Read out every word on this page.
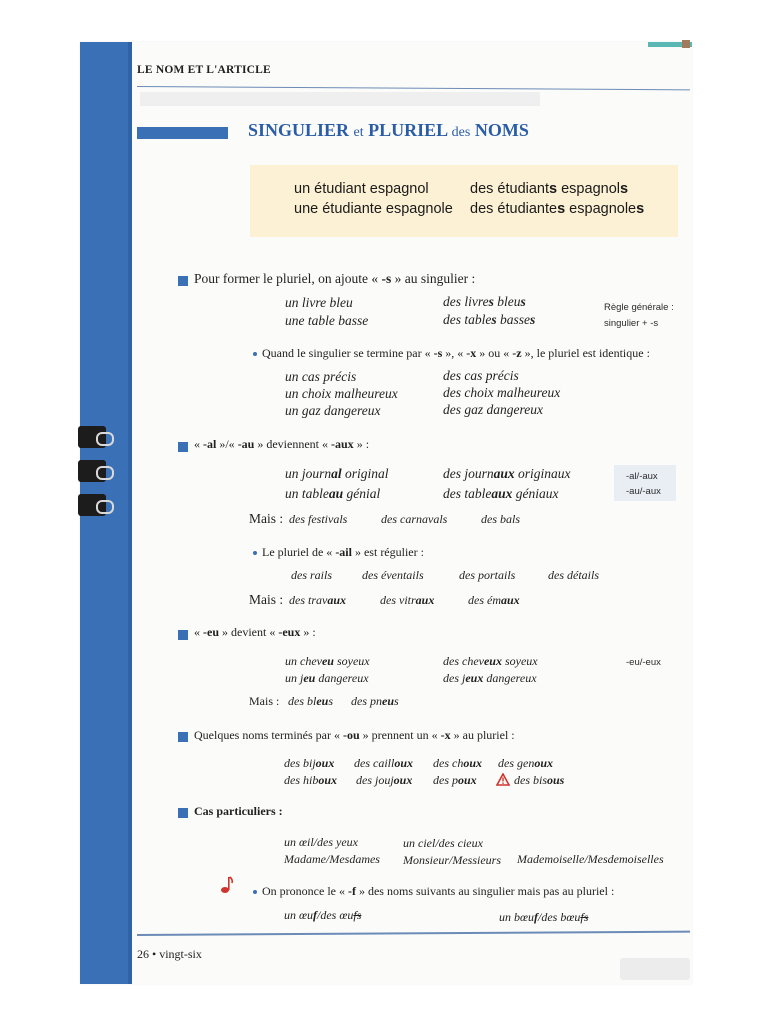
LE NOM ET L'ARTICLE
SINGULIER et PLURIEL des NOMS
un étudiant espagnol	des étudiants espagnols
une étudiante espagnole des étudiantes espagnoles
Pour former le pluriel, on ajoute « -s » au singulier :
un livre bleu	des livres bleus
une table basse	des tables basses
Règle générale :
singulier + -s
Quand le singulier se termine par « -s », « -x » ou « -z », le pluriel est identique :
un cas précis	des cas précis
un choix malheureux	des choix malheureux
un gaz dangereux	des gaz dangereux
« -al »/« -au » deviennent « -aux » :
un journal original	des journaux originaux
un tableau génial	des tableaux géniaux
-al/-aux
-au/-aux
Mais : des festivals	des carnavals	des bals
Le pluriel de « -ail » est régulier :
des rails des éventails	des portails	des détails
Mais : des travaux	des vitraux	des émaux
« -eu » devient « -eux » :
un cheveu soyeux	des cheveux soyeux
un jeu dangereux	des jeux dangereux
-eu/-eux
Mais : des bleus des pneus
Quelques noms terminés par « -ou » prennent un « -x » au pluriel :
des bijoux des cailloux des choux des genoux
des hiboux des joujoux des poux	des bisous
Cas particuliers :
un œil/des yeux	un ciel/des cieux
Madame/Mesdames Monsieur/Messieurs Mademoiselle/Mesdemoiselles
On prononce le « -f » des noms suivants au singulier mais pas au pluriel :
un œuf/des œufs	un bœuf/des bœufs
26 • vingt-six
